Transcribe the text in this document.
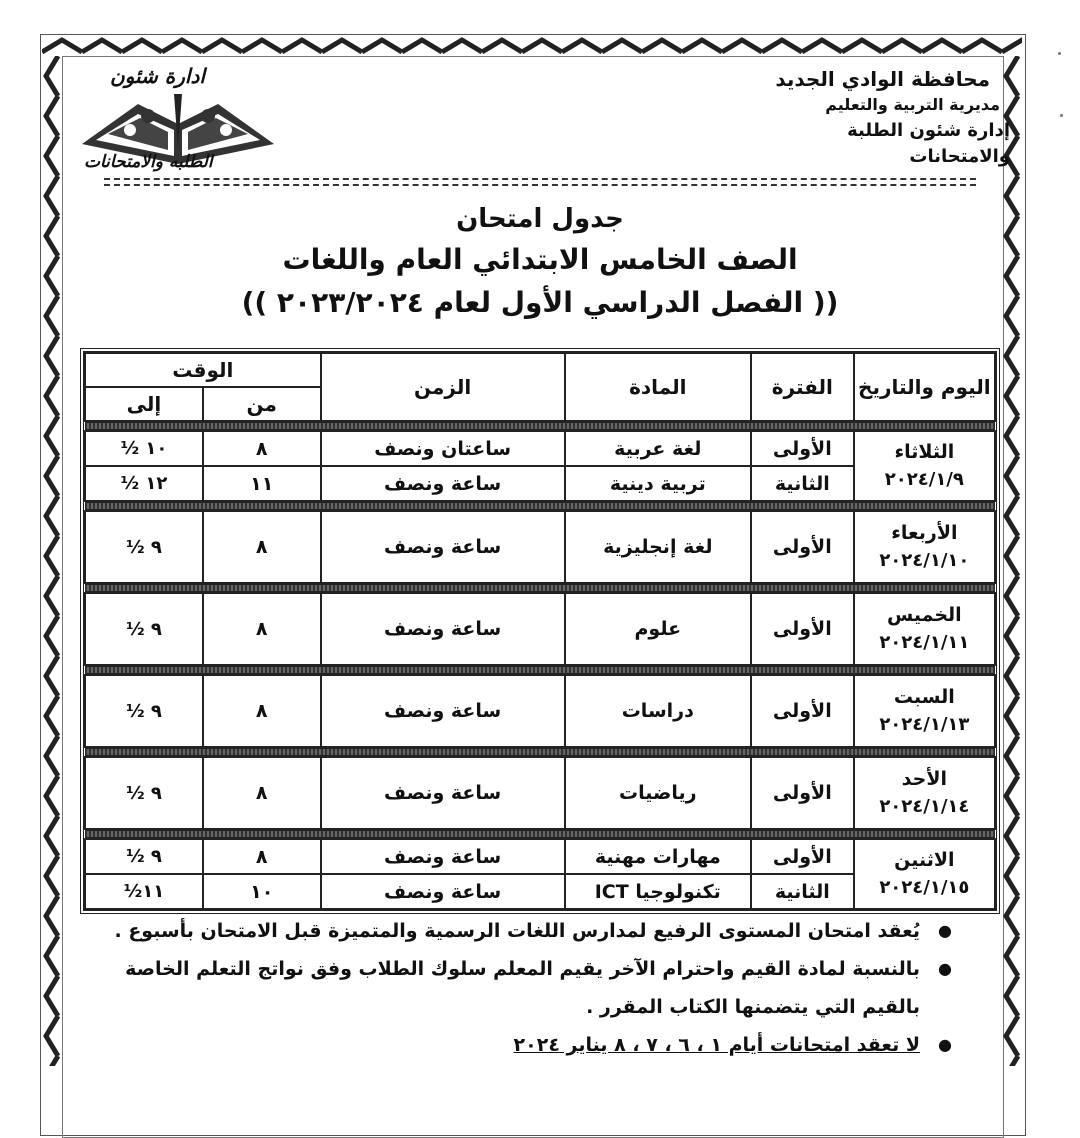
محافظة الوادي الجديد
مديرية التربية والتعليم
إدارة شئون الطلبة والامتحانات
ادارة شئون
الطلبه والامتحانات
جدول امتحان
الصف الخامس الابتدائي العام واللغات
(( الفصل الدراسي الأول لعام ٢٠٢٣/٢٠٢٤ ))
اليوم والتاريخ	الفترة	المادة	الزمن	الوقت	
				من	إلى

الثلاثاء
٢٠٢٤/١/٩	الأولى	لغة عربية	ساعتان ونصف	٨	١٠ ½
	الثانية	تربية دينية	ساعة ونصف	١١	١٢ ½

الأربعاء
٢٠٢٤/١/١٠	الأولى	لغة إنجليزية	ساعة ونصف	٨	٩ ½

الخميس
٢٠٢٤/١/١١	الأولى	علوم	ساعة ونصف	٨	٩ ½

السبت
٢٠٢٤/١/١٣	الأولى	دراسات	ساعة ونصف	٨	٩ ½

الأحد
٢٠٢٤/١/١٤	الأولى	رياضيات	ساعة ونصف	٨	٩ ½

الاثنين
٢٠٢٤/١/١٥	الأولى	مهارات مهنية	ساعة ونصف	٨	٩ ½
	الثانية	تكنولوجيا ICT	ساعة ونصف	١٠	١١½
●
يُعقد امتحان المستوى الرفيع لمدارس اللغات الرسمية والمتميزة قبل الامتحان بأسبوع .
●
بالنسبة لمادة القيم واحترام الآخر يقيم المعلم سلوك الطلاب وفق نواتج التعلم الخاصة بالقيم التي يتضمنها الكتاب المقرر .
●
لا تعقد امتحانات أيام ١ ، ٦ ، ٧ ، ٨ يناير ٢٠٢٤
